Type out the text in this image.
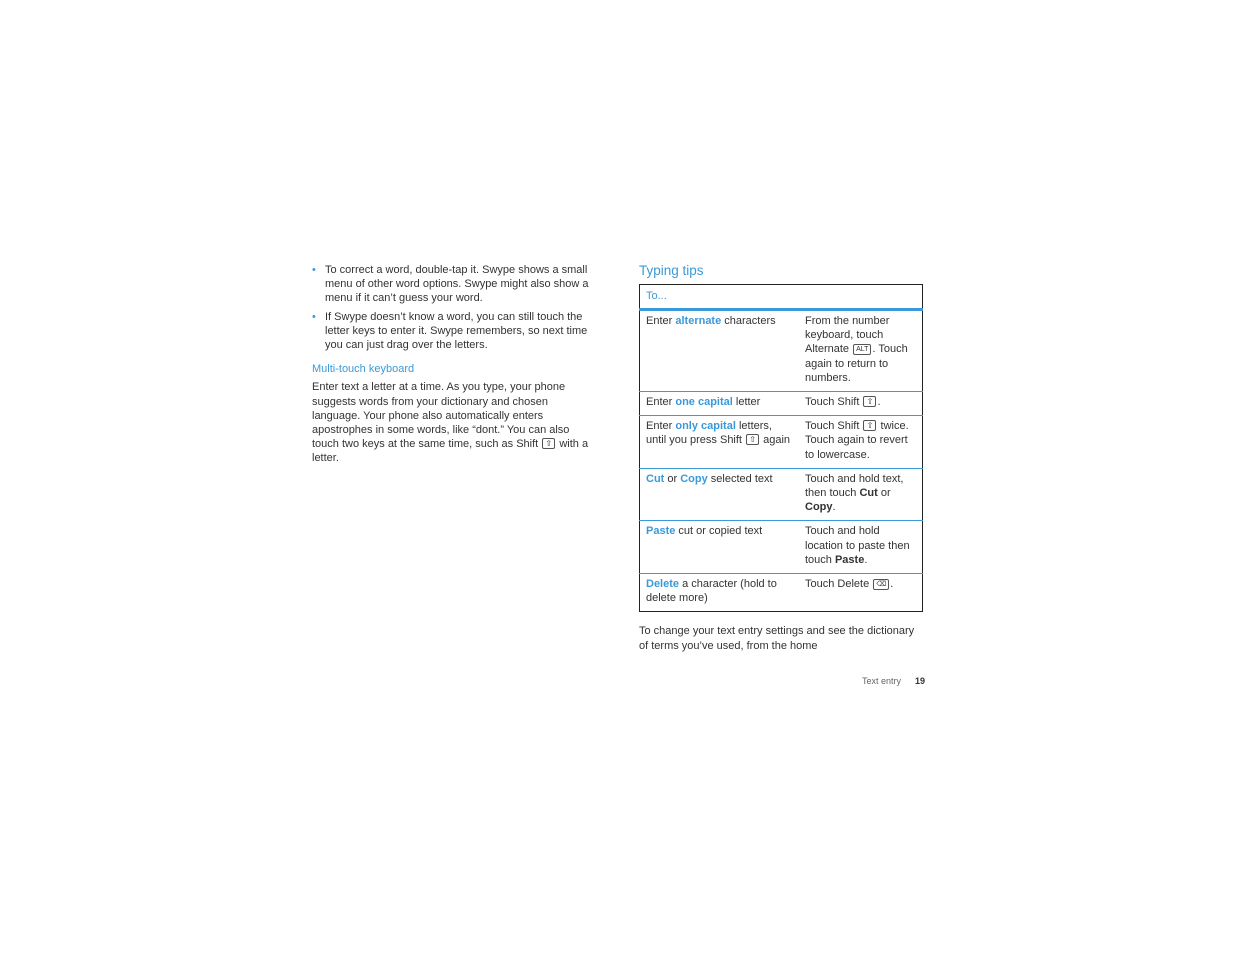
• To correct a word, double-tap it. Swype shows a small menu of other word options. Swype might also show a menu if it can’t guess your word.
• If Swype doesn’t know a word, you can still touch the letter keys to enter it. Swype remembers, so next time you can just drag over the letters.
Multi-touch keyboard
Enter text a letter at a time. As you type, your phone suggests words from your dictionary and chosen language. Your phone also automatically enters apostrophes in some words, like “dont.” You can also touch two keys at the same time, such as Shift ⇧ with a letter.
Typing tips
To...	
Enter alternate characters	From the number keyboard, touch Alternate ALT . Touch again to return to numbers.
Enter one capital letter	Touch Shift ⇧ .
Enter only capital letters, until you press Shift ⇧ again	Touch Shift ⇧ twice. Touch again to revert to lowercase.
Cut or Copy selected text	Touch and hold text, then touch Cut or Copy.
Paste cut or copied text	Touch and hold location to paste then touch Paste.
Delete a character (hold to delete more)	Touch Delete ⌫ .
To change your text entry settings and see the dictionary of terms you’ve used, from the home
Text entry 19
